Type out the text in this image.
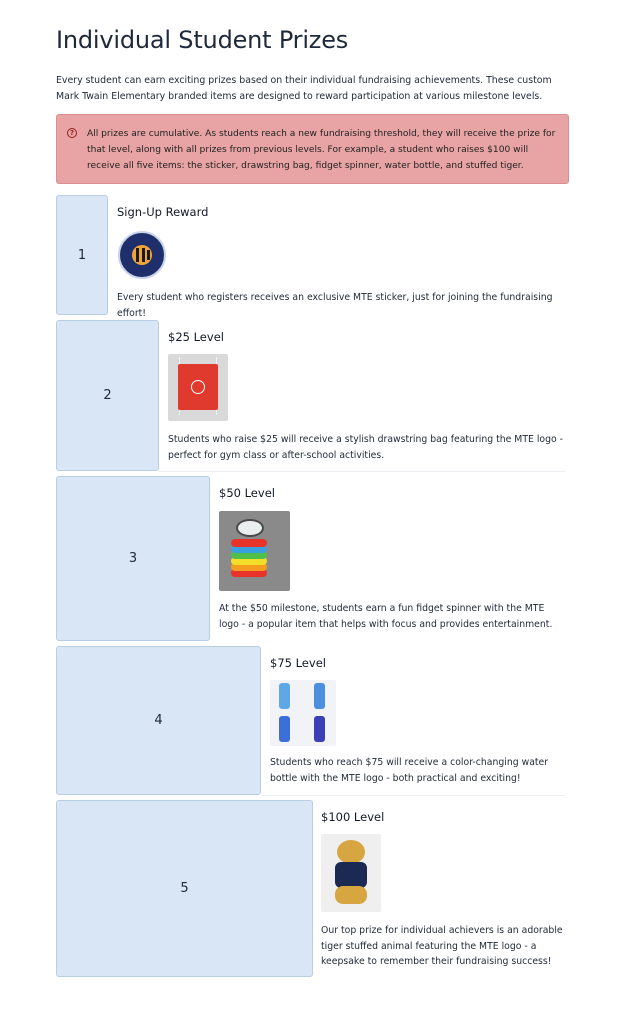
Individual Student Prizes

Every student can earn exciting prizes based on their individual fundraising achievements. These custom Mark Twain Elementary branded items are designed to reward participation at various milestone levels.

?	All prizes are cumulative. As students reach a new fundraising threshold, they will receive the prize for that level, along with all prizes from previous levels. For example, a student who raises $100 will receive all five items: the sticker, drawstring bag, fidget spinner, water bottle, and stuffed tiger.
1
Sign-Up Reward
Every student who registers receives an exclusive MTE sticker, just for joining the fundraising effort!
2
$25 Level
Students who raise $25 will receive a stylish drawstring bag featuring the MTE logo - perfect for gym class or after-school activities.
3
$50 Level
At the $50 milestone, students earn a fun fidget spinner with the MTE logo - a popular item that helps with focus and provides entertainment.
4
$75 Level
Students who reach $75 will receive a color-changing water bottle with the MTE logo - both practical and exciting!
5
$100 Level
Our top prize for individual achievers is an adorable tiger stuffed animal featuring the MTE logo - a keepsake to remember their fundraising success!
